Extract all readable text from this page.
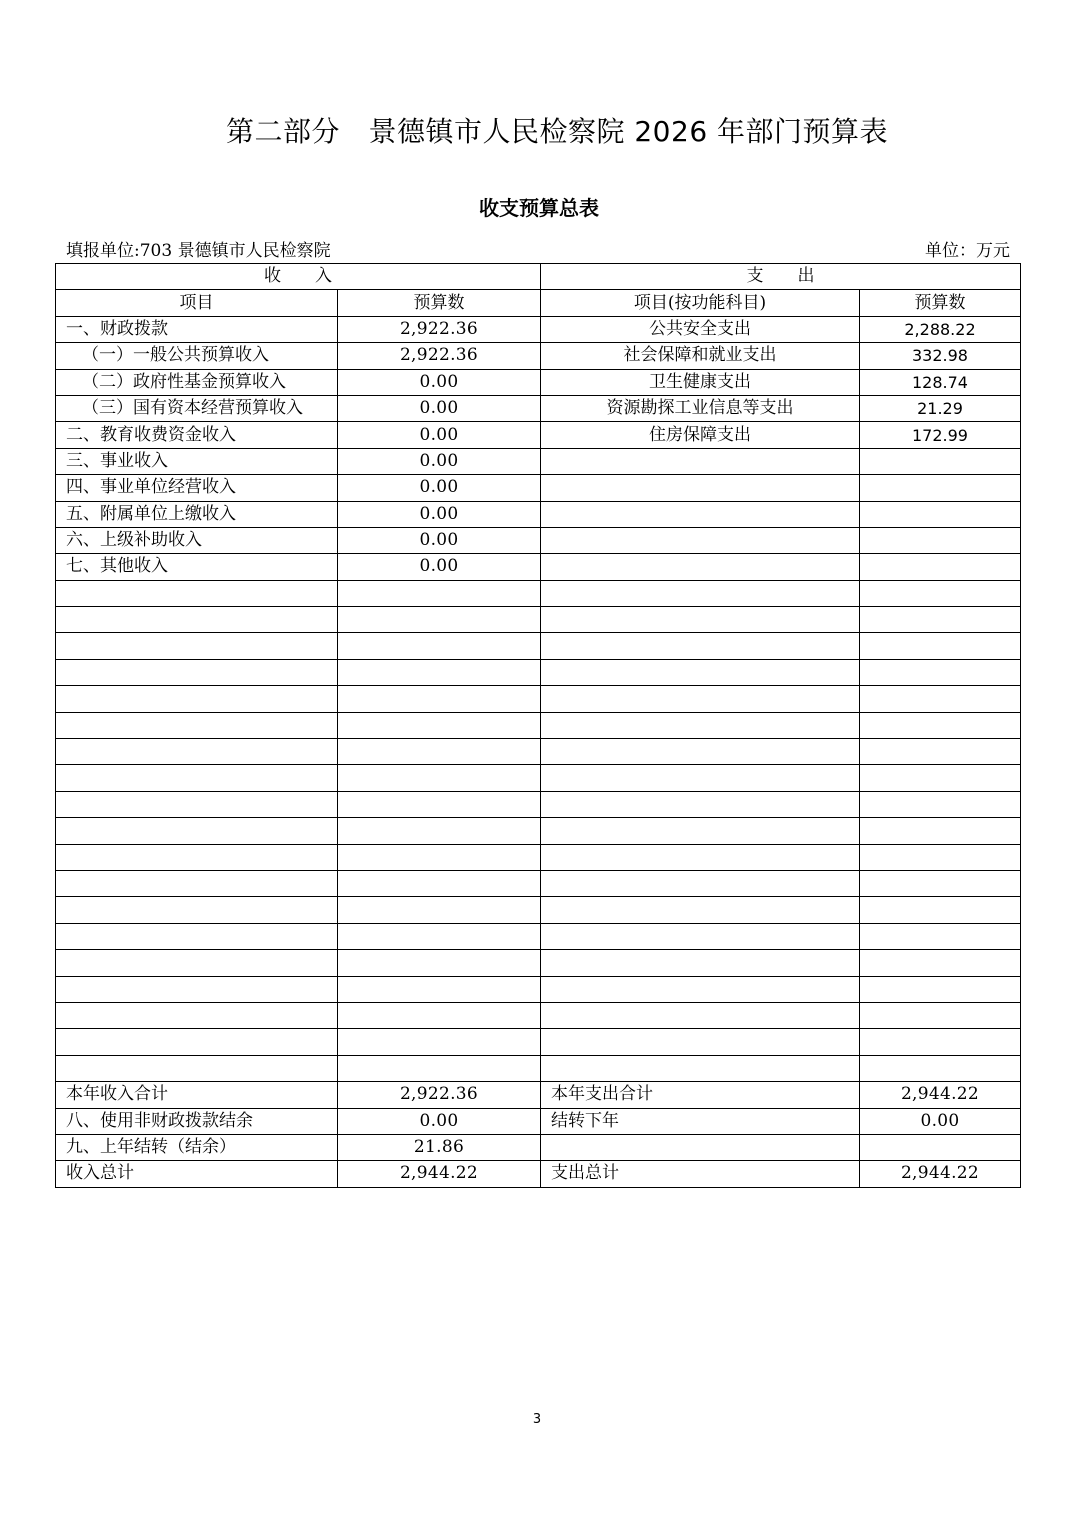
第二部分　景德镇市人民检察院 2026 年部门预算表
收支预算总表
填报单位:703 景德镇市人民检察院	单位：万元
收　　入		支　　出	
项目	预算数	项目(按功能科目)	预算数
一、财政拨款	2,922.36	公共安全支出	2,288.22
（一）一般公共预算收入	2,922.36	社会保障和就业支出	332.98
（二）政府性基金预算收入	0.00	卫生健康支出	128.74
（三）国有资本经营预算收入	0.00	资源勘探工业信息等支出	21.29
二、教育收费资金收入	0.00	住房保障支出	172.99
三、事业收入	0.00		
四、事业单位经营收入	0.00		
五、附属单位上缴收入	0.00		
六、上级补助收入	0.00		
七、其他收入	0.00		

本年收入合计	2,922.36	本年支出合计	2,944.22
八、使用非财政拨款结余	0.00	结转下年	0.00
九、上年结转（结余）	21.86		
收入总计	2,944.22	支出总计	2,944.22
3
